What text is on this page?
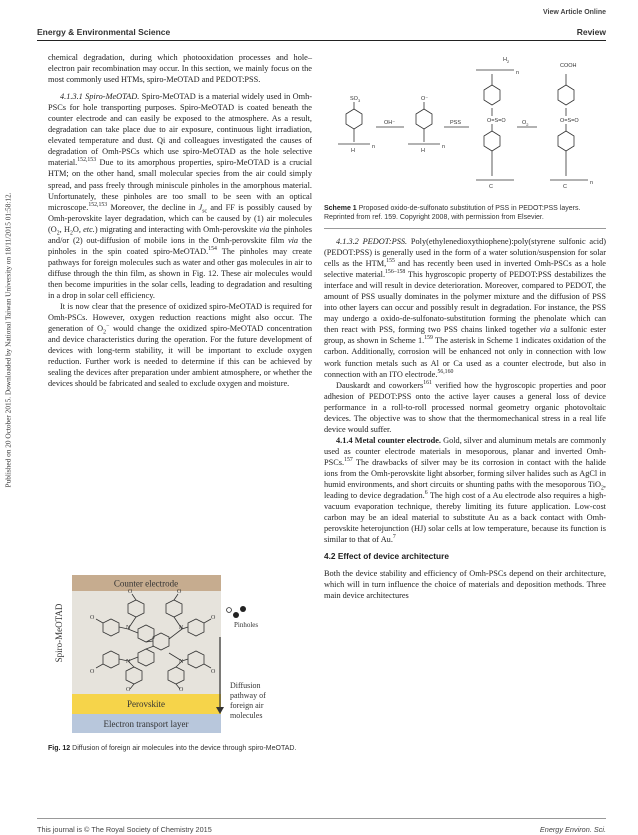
View Article Online
Energy & Environmental Science	Review
Published on 20 October 2015. Downloaded by National Taiwan University on 18/11/2015 01:58:12.

chemical degradation, during which photooxidation processes and hole–electron pair recombination may occur. In this section, we mainly focus on the most commonly used HTMs, spiro-MeOTAD and PEDOT:PSS.

4.1.3.1 Spiro-MeOTAD. Spiro-MeOTAD is a material widely used in Omh-PSCs for hole transporting purposes. Spiro-MeOTAD is coated beneath the counter electrode and can easily be exposed to the atmosphere. As a result, degradation can take place due to air exposure, continuous light irradiation, elevated temperature and dust. Qi and colleagues investigated the causes of degradation of Omh-PSCs which use spiro-MeOTAD as the hole selective material.$^{152,153}$ Due to its amorphous properties, spiro-MeOTAD is a crucial HTM; on the other hand, small molecular species from the air could simply spread, and pass freely through miniscule pinholes in the amorphous material. Unfortunately, these pinholes are too small to be seen with an optical microscope.$^{152,153}$ Moreover, the decline in $J_{sc}$ and FF is possibly caused by Omh-perovskite layer degradation, which can be caused by (1) air molecules ($O_2$, $H_2O$, etc.) migrating and interacting with Omh-perovskite via the pinholes and/or (2) out-diffusion of mobile ions in the Omh-perovskite film via the pinholes in the spin coated spiro-MeOTAD.$^{154}$ The pinholes may create pathways for foreign molecules such as water and other gas molecules in air to diffuse through the thin film, as shown in Fig. 12. These air molecules would then become impurities in the solar cells, leading to degradation and resulting in a drop in solar cell efficiency.

It is now clear that the presence of oxidized spiro-MeOTAD is required for Omh-PSCs. However, oxygen reduction reactions might also occur. The generation of $O_2^-$ would change the oxidized spiro-MeOTAD concentration and device characteristics during the operation. For the future development of devices with long-term stability, it will be important to exclude oxygen reduction. Further work is needed to determine if this can be achieved by sealing the devices after preparation under ambient atmosphere, or whether the devices should be fabricated and sealed to exclude oxygen and moisture.

Counter electrode
N	N
N	N
O	O
O	O
O	O
O	O
Perovskite
Electron transport layer
Spiro-MeOTAD	Pinholes
Diffusion
pathway of
foreign air
molecules
Fig. 12 Diffusion of foreign air molecules into the device through spiro-MeOTAD.
$SO_3$	O⁻
OH⁻	PSS	$O_2$
COOH
O=S=O	O=S=O
H	H
C	C
n	n
n
n
$H_2$
Scheme 1 Proposed oxido-de-sulfonato substitution of PSS in PEDOT:PSS layers. Reprinted from ref. 159. Copyright 2008, with permission from Elsevier.

4.1.3.2 PEDOT:PSS. Poly(ethylenedioxythiophene):poly(styrene sulfonic acid) (PEDOT:PSS) is generally used in the form of a water solution/suspension for solar cells as the HTM,$^{155}$ and has recently been used in inverted Omh-PSCs as a hole selective material.$^{156-158}$ This hygroscopic property of PEDOT:PSS destabilizes the interface and will result in device deterioration. Moreover, compared to PEDOT, the amount of PSS usually dominates in the polymer mixture and the diffusion of PSS into other layers can occur and possibly result in degradation. For instance, the PSS may undergo a oxido-de-sulfonato-substitution forming the phenolate which can then react with PSS, forming two PSS chains linked together via a sulfonic ester group, as shown in Scheme 1.$^{159}$ The asterisk in Scheme 1 indicates oxidation of the carbon. Additionally, corrosion will be enhanced not only in connection with low work function metals such as Al or Ca used as a counter electrode, but also in connection with an ITO electrode.$^{56,160}$

Dauskardt and coworkers$^{161}$ verified how the hygroscopic properties and poor adhesion of PEDOT:PSS onto the active layer causes a general loss of device performance in a roll-to-roll processed normal geometry organic photovoltaic devices. The objective was to show that the thermomechanical stress in a real life device would suffer.

4.1.4 Metal counter electrode. Gold, silver and aluminum metals are commonly used as counter electrode materials in mesoporous, planar and inverted Omh-PSCs.$^{157}$ The drawbacks of silver may be its corrosion in contact with the halide ions from the Omh-perovskite light absorber, forming silver halides such as AgCl in humid environments, and short circuits or shunting paths with the mesoporous TiO$_2$, leading to device degradation.$^6$ The high cost of a Au electrode also requires a high-vacuum evaporation technique, thereby limiting its future application. Low-cost carbon may be an ideal material to substitute Au as a back contact with Omh-perovskite heterojunction (HJ) solar cells at low temperature, because its function is similar to that of Au.$^7$

4.2 Effect of device architecture

Both the device stability and efficiency of Omh-PSCs depend on their architecture, which will in turn influence the choice of materials and deposition methods. Three main device architectures

This journal is © The Royal Society of Chemistry 2015	Energy Environ. Sci.
